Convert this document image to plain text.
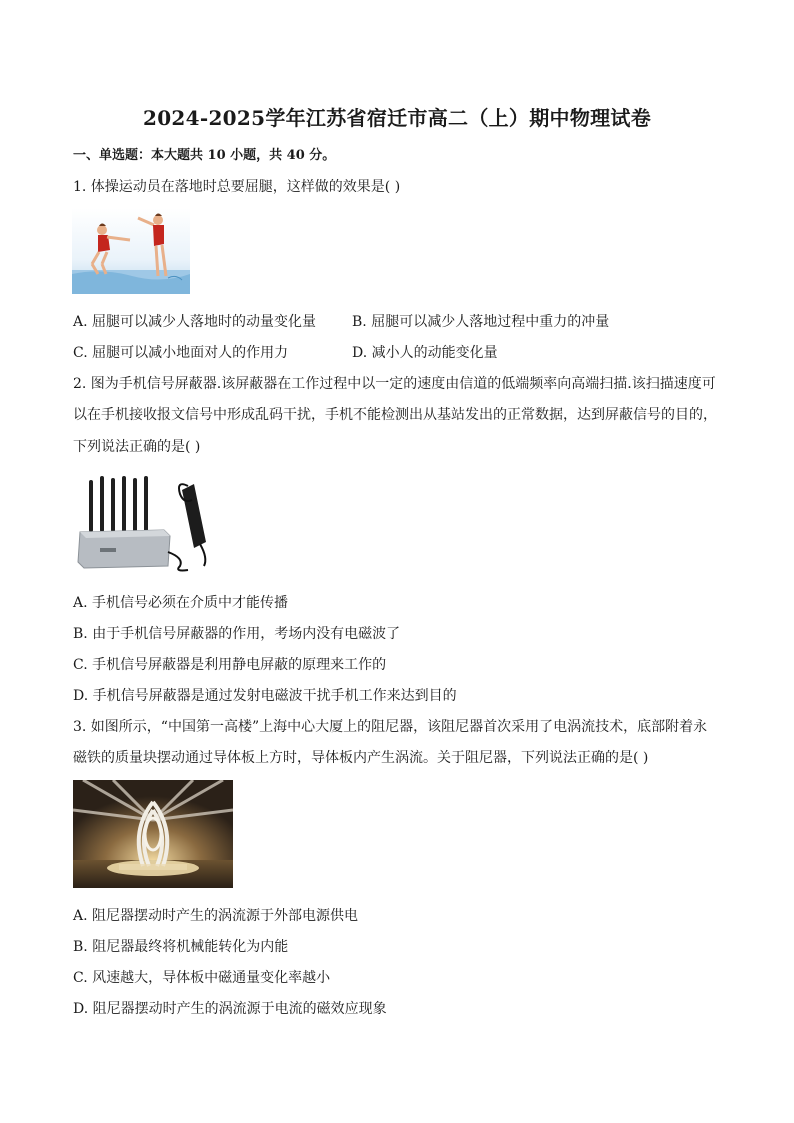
2024-2025学年江苏省宿迁市高二（上）期中物理试卷
一、单选题：本大题共 10 小题，共 40 分。
1. 体操运动员在落地时总要屈腿，这样做的效果是( )
A. 屈腿可以减少人落地时的动量变化量	B. 屈腿可以减少人落地过程中重力的冲量
C. 屈腿可以减小地面对人的作用力	D. 减小人的动能变化量
2. 图为手机信号屏蔽器.该屏蔽器在工作过程中以一定的速度由信道的低端频率向高端扫描.该扫描速度可
以在手机接收报文信号中形成乱码干扰，手机不能检测出从基站发出的正常数据，达到屏蔽信号的目的，
下列说法正确的是( )
A. 手机信号必须在介质中才能传播
B. 由于手机信号屏蔽器的作用，考场内没有电磁波了
C. 手机信号屏蔽器是利用静电屏蔽的原理来工作的
D. 手机信号屏蔽器是通过发射电磁波干扰手机工作来达到目的
3. 如图所示，“中国第一高楼”上海中心大厦上的阻尼器，该阻尼器首次采用了电涡流技术，底部附着永
磁铁的质量块摆动通过导体板上方时，导体板内产生涡流。关于阻尼器，下列说法正确的是( )
A. 阻尼器摆动时产生的涡流源于外部电源供电
B. 阻尼器最终将机械能转化为内能
C. 风速越大，导体板中磁通量变化率越小
D. 阻尼器摆动时产生的涡流源于电流的磁效应现象
